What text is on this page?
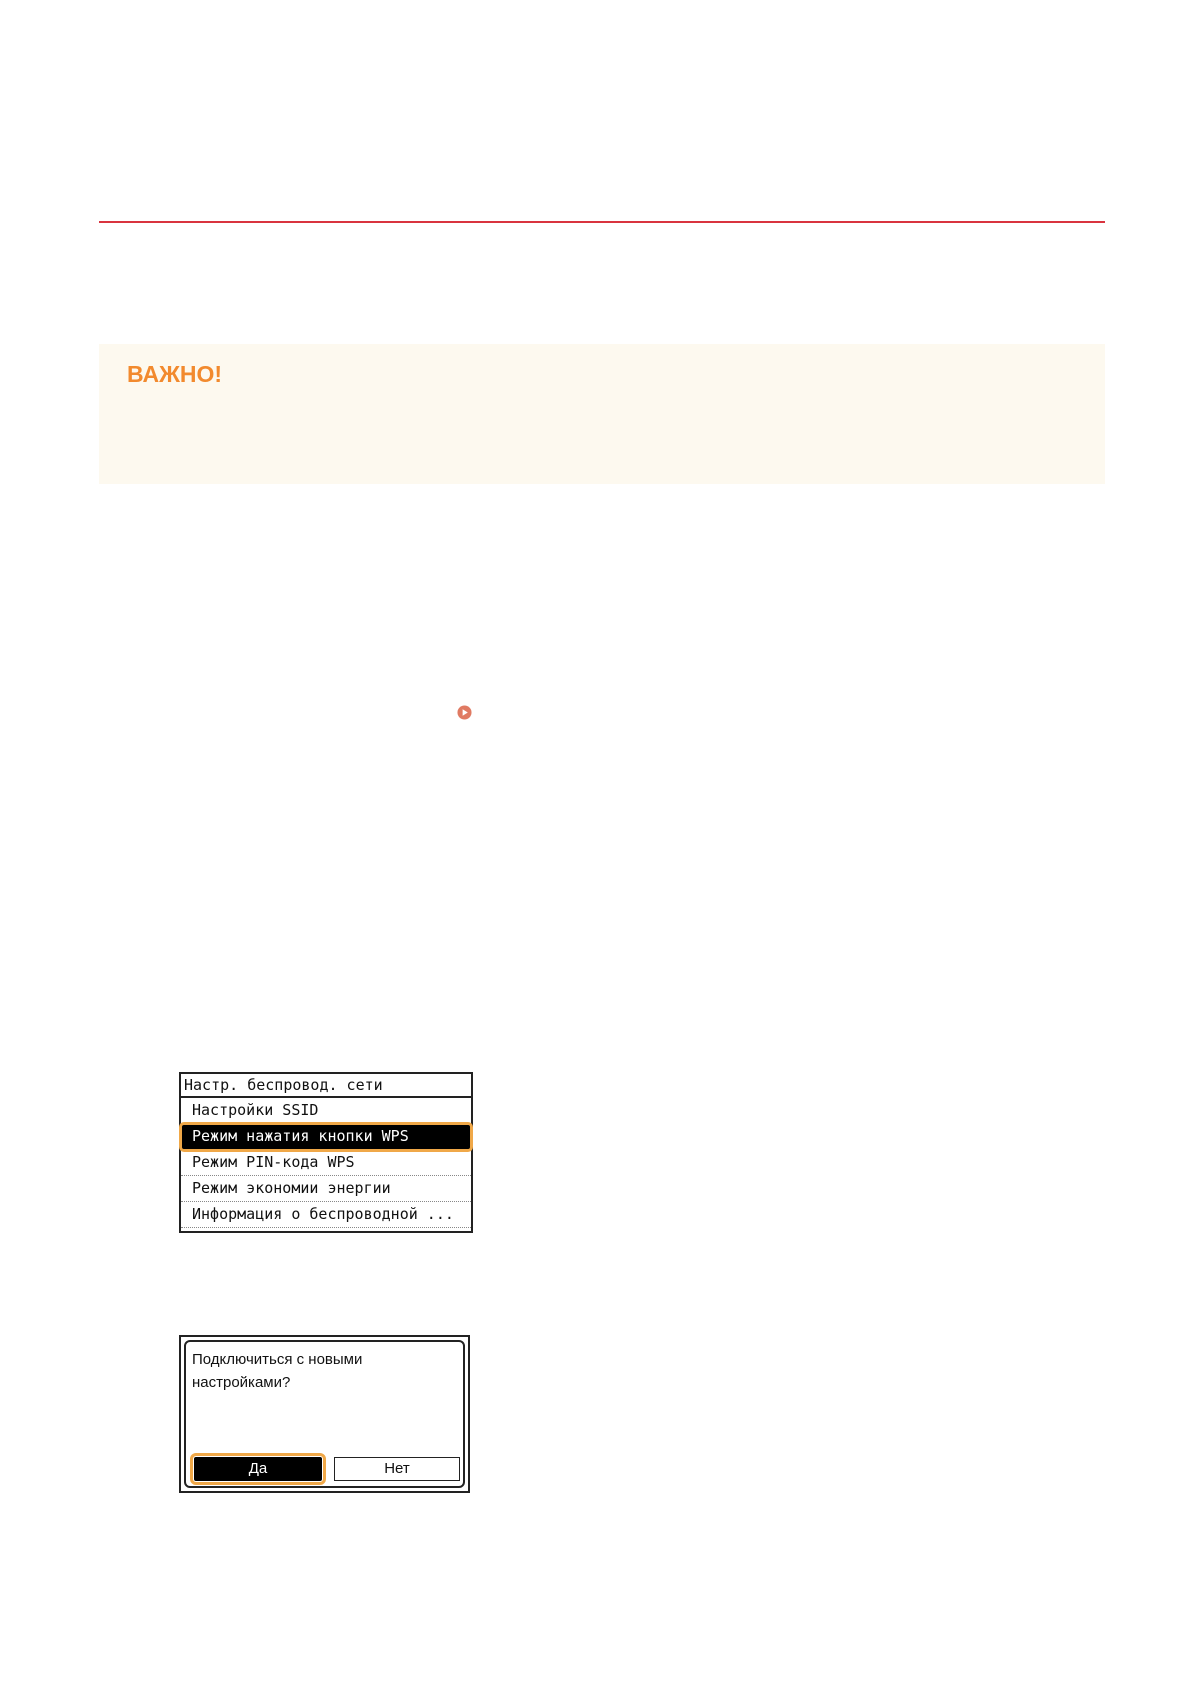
ВАЖНО!
Настр. беспровод. сети
Настройки SSID
Режим нажатия кнопки WPS
Режим PIN-кода WPS
Режим экономии энергии
Информация о беспроводной ...
Подключиться с новыми
настройками?
Да	Нет
